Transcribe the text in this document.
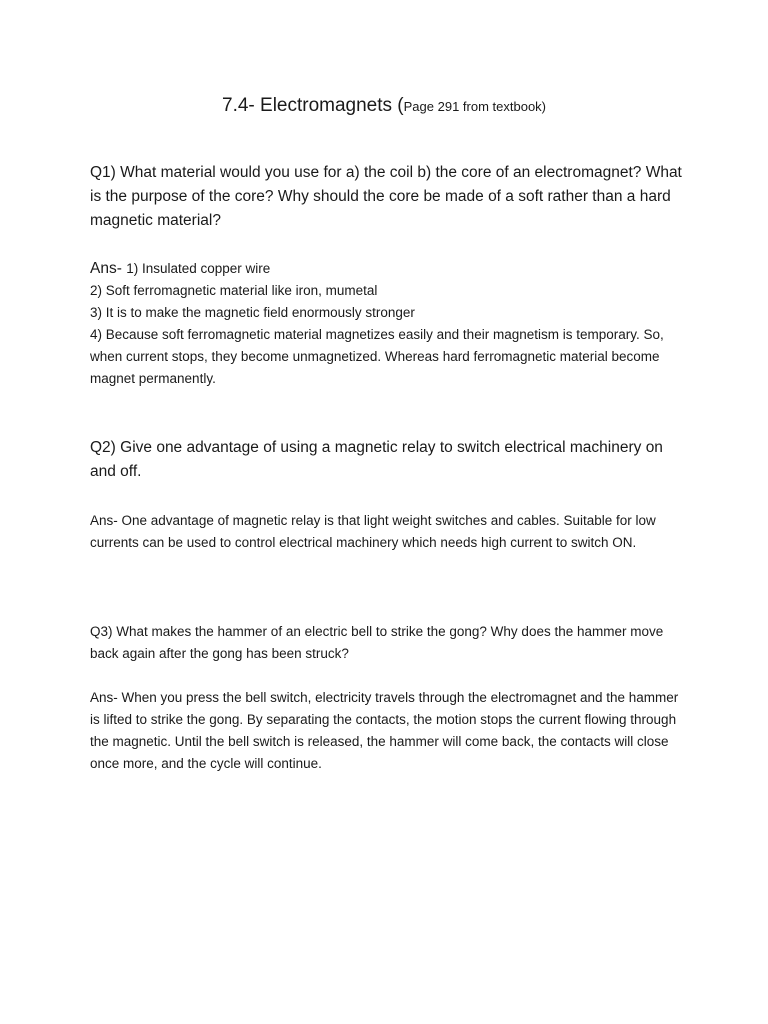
7.4- Electromagnets (Page 291 from textbook)
Q1) What material would you use for a) the coil b) the core of an electromagnet? What is the purpose of the core? Why should the core be made of a soft rather than a hard magnetic material?
Ans- 1) Insulated copper wire
2) Soft ferromagnetic material like iron, mumetal
3) It is to make the magnetic field enormously stronger
4) Because soft ferromagnetic material magnetizes easily and their magnetism is temporary. So, when current stops, they become unmagnetized. Whereas hard ferromagnetic material become magnet permanently.
Q2) Give one advantage of using a magnetic relay to switch electrical machinery on and off.
Ans- One advantage of magnetic relay is that light weight switches and cables. Suitable for low currents can be used to control electrical machinery which needs high current to switch ON.
Q3) What makes the hammer of an electric bell to strike the gong? Why does the hammer move back again after the gong has been struck?
Ans- When you press the bell switch, electricity travels through the electromagnet and the hammer is lifted to strike the gong. By separating the contacts, the motion stops the current flowing through the magnetic. Until the bell switch is released, the hammer will come back, the contacts will close once more, and the cycle will continue.
